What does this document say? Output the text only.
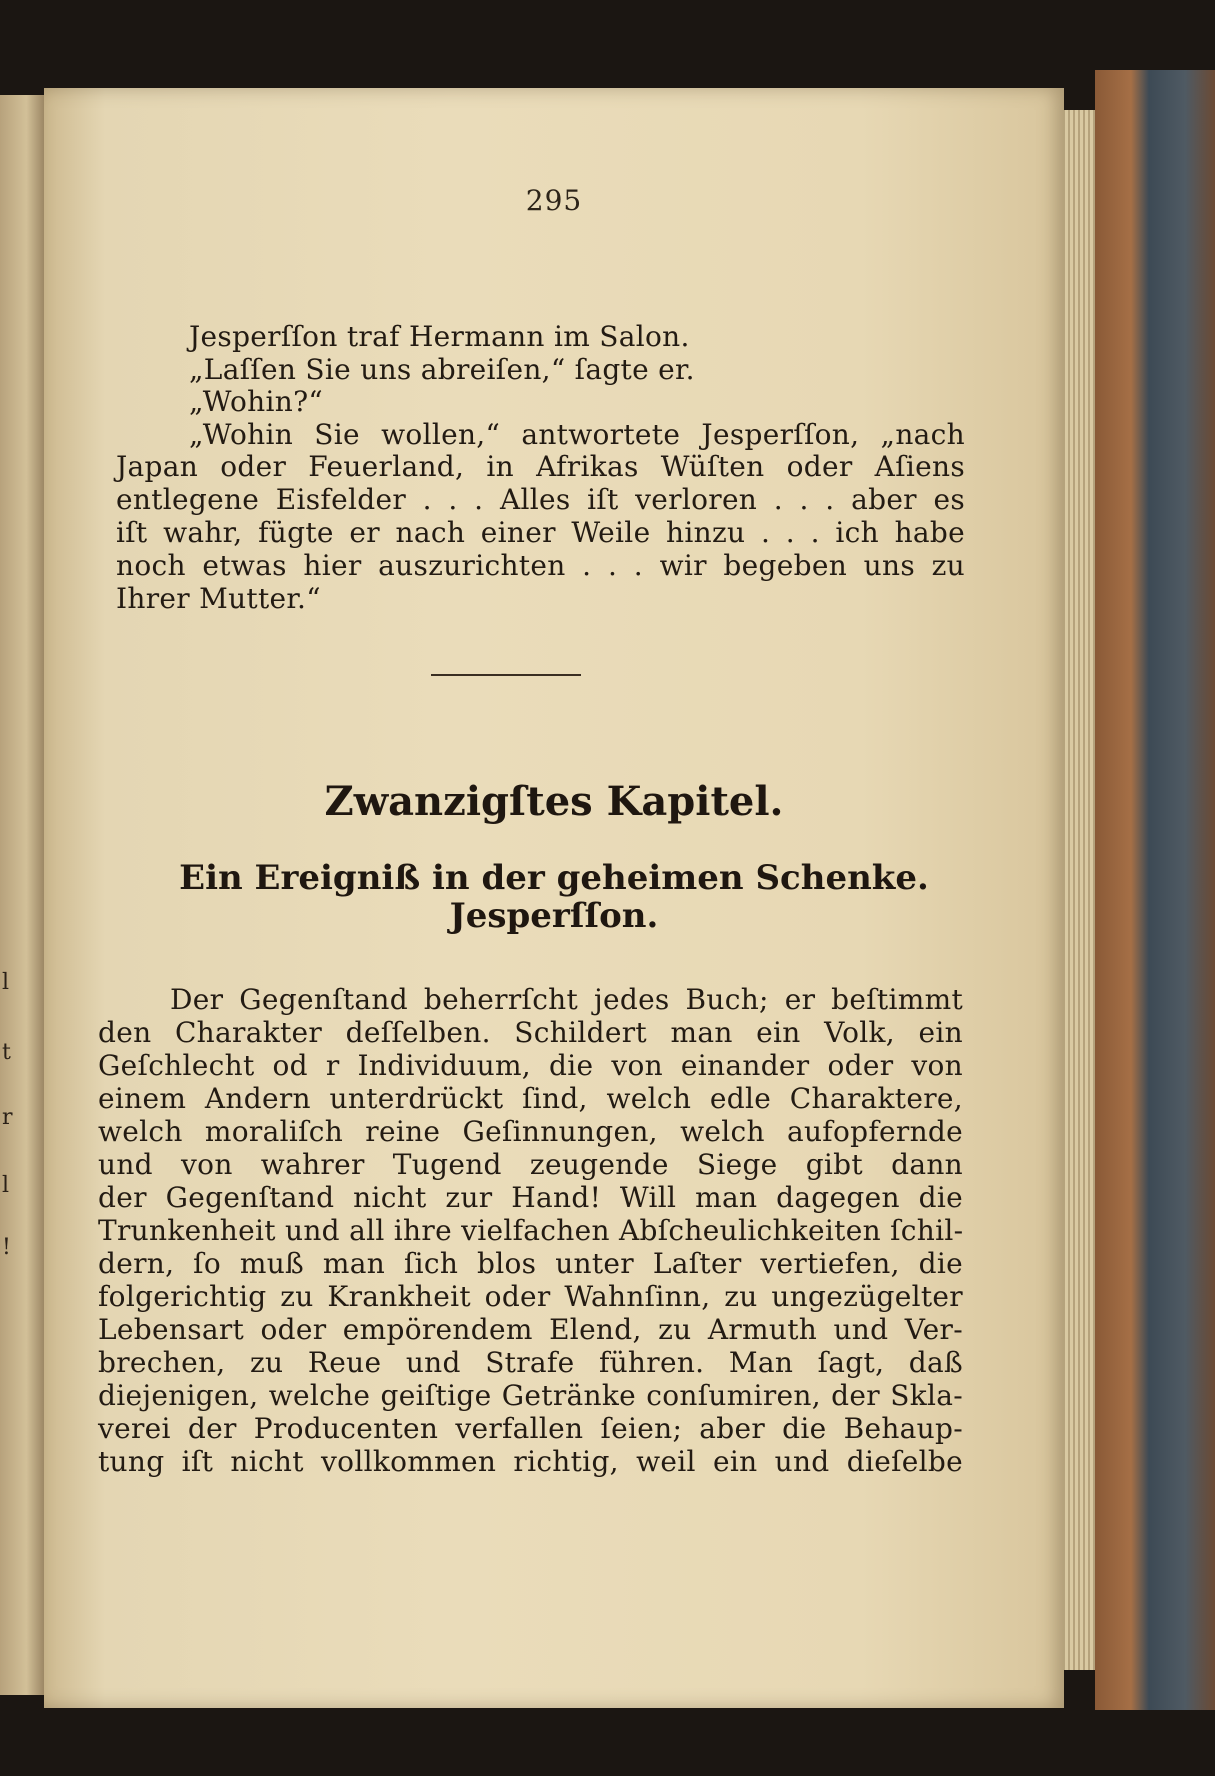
l
t
r
l
!
295
Jesperſſon traf Hermann im Salon.
„Laſſen Sie uns abreiſen,“ ſagte er.
„Wohin?“
„Wohin Sie wollen,“ antwortete Jesperſſon, „nach
Japan oder Feuerland, in Afrikas Wüſten oder Aſiens
entlegene Eisfelder . . . Alles iſt verloren . . . aber es
iſt wahr, fügte er nach einer Weile hinzu . . . ich habe
noch etwas hier auszurichten . . . wir begeben uns zu
Ihrer Mutter.“
Zwanzigſtes Kapitel.
Ein Ereigniß in der geheimen Schenke.
Jesperſſon.
Der Gegenſtand beherrſcht jedes Buch; er beſtimmt
den Charakter deſſelben. Schildert man ein Volk, ein
Geſchlecht od r Individuum, die von einander oder von
einem Andern unterdrückt ſind, welch edle Charaktere,
welch moraliſch reine Geſinnungen, welch aufopfernde
und von wahrer Tugend zeugende Siege gibt dann
der Gegenſtand nicht zur Hand! Will man dagegen die
Trunkenheit und all ihre vielfachen Abſcheulichkeiten ſchil-
dern, ſo muß man ſich blos unter Laſter vertiefen, die
folgerichtig zu Krankheit oder Wahnſinn, zu ungezügelter
Lebensart oder empörendem Elend, zu Armuth und Ver-
brechen, zu Reue und Strafe führen. Man ſagt, daß
diejenigen, welche geiſtige Getränke conſumiren, der Skla-
verei der Producenten verfallen ſeien; aber die Behaup-
tung iſt nicht vollkommen richtig, weil ein und dieſelbe
